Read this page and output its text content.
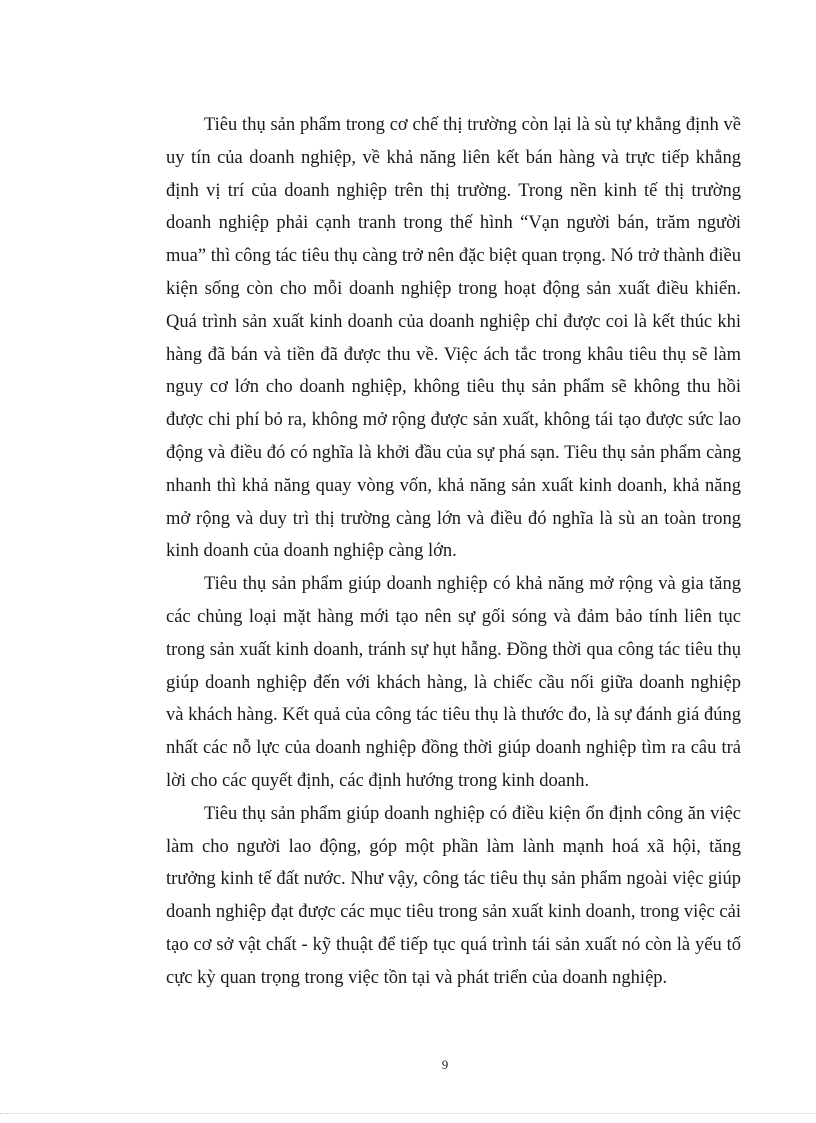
Tiêu thụ sản phẩm trong cơ chế thị trường còn lại là sù tự khẳng định về uy tín của doanh nghiệp, về khả năng liên kết bán hàng và trực tiếp khẳng định vị trí của doanh nghiệp trên thị trường. Trong nền kinh tế thị trường doanh nghiệp phải cạnh tranh trong thế hình “Vạn người bán, trăm người mua” thì công tác tiêu thụ càng trở nên đặc biệt quan trọng. Nó trở thành điều kiện sống còn cho mỗi doanh nghiệp trong hoạt động sản xuất điều khiển. Quá trình sản xuất kinh doanh của doanh nghiệp chỉ được coi là kết thúc khi hàng đã bán và tiền đã được thu về. Việc ách tắc trong khâu tiêu thụ sẽ làm nguy cơ lớn cho doanh nghiệp, không tiêu thụ sản phẩm sẽ không thu hồi được chi phí bỏ ra, không mở rộng được sản xuất, không tái tạo được sức lao động và điều đó có nghĩa là khởi đầu của sự phá sạn. Tiêu thụ sản phẩm càng nhanh thì khả năng quay vòng vốn, khả năng sản xuất kinh doanh, khả năng mở rộng và duy trì thị trường càng lớn và điều đó nghĩa là sù an toàn trong kinh doanh của doanh nghiệp càng lớn.

Tiêu thụ sản phẩm giúp doanh nghiệp có khả năng mở rộng và gia tăng các chủng loại mặt hàng mới tạo nên sự gối sóng và đảm bảo tính liên tục trong sản xuất kinh doanh, tránh sự hụt hẫng. Đồng thời qua công tác tiêu thụ giúp doanh nghiệp đến với khách hàng, là chiếc cầu nối giữa doanh nghiệp và khách hàng. Kết quả của công tác tiêu thụ là thước đo, là sự đánh giá đúng nhất các nỗ lực của doanh nghiệp đồng thời giúp doanh nghiệp tìm ra câu trả lời cho các quyết định, các định hướng trong kinh doanh.

Tiêu thụ sản phẩm giúp doanh nghiệp có điều kiện ổn định công ăn việc làm cho người lao động, góp một phần làm lành mạnh hoá xã hội, tăng trưởng kinh tế đất nước. Như vậy, công tác tiêu thụ sản phẩm ngoài việc giúp doanh nghiệp đạt được các mục tiêu trong sản xuất kinh doanh, trong việc cải tạo cơ sở vật chất - kỹ thuật để tiếp tục quá trình tái sản xuất nó còn là yếu tố cực kỳ quan trọng trong việc tồn tại và phát triển của doanh nghiệp.

9
